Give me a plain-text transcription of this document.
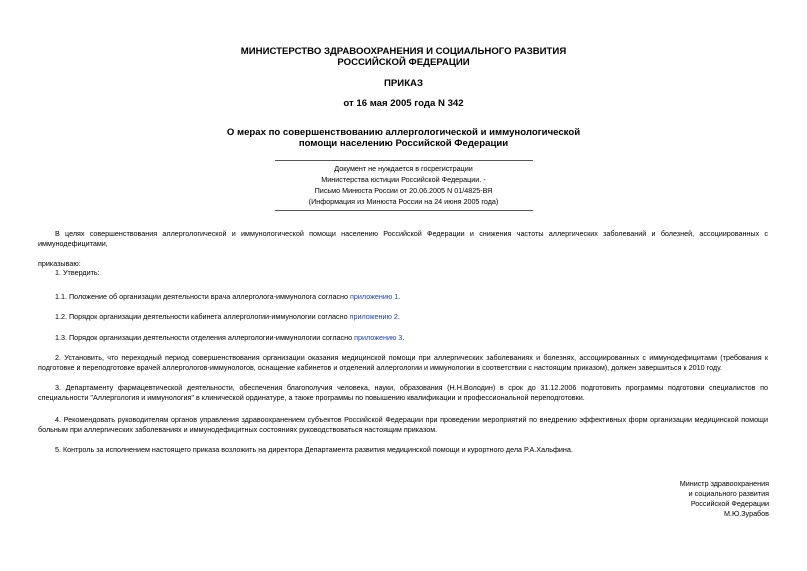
МИНИСТЕРСТВО ЗДРАВООХРАНЕНИЯ И СОЦИАЛЬНОГО РАЗВИТИЯ
РОССИЙСКОЙ ФЕДЕРАЦИИ
ПРИКАЗ
от 16 мая 2005 года N 342
О мерах по совершенствованию аллергологической и иммунологической
помощи населению Российской Федерации
Документ не нуждается в госрегистрации
Министерства юстиции Российской Федерации. -
Письмо Минюста России от 20.06.2005 N 01/4825-ВЯ
(Информация из Минюста России на 24 июня 2005 года)
В целях совершенствования аллергологической и иммунологической помощи населению Российской Федерации и снижения частоты аллергических заболеваний и болезней, ассоциированных с иммунодефицитами,
приказываю:
1. Утвердить:
1.1. Положение об организации деятельности врача аллерголога-иммунолога согласно приложению 1.
1.2. Порядок организации деятельности кабинета аллергологии-иммунологии согласно приложению 2.
1.3. Порядок организации деятельности отделения аллергологии-иммунологии согласно приложению 3.
2. Установить, что переходный период совершенствования организации оказания медицинской помощи при аллергических заболеваниях и болезнях, ассоциированных с иммунодефицитами (требования к подготовке и переподготовке врачей аллергологов-иммунологов, оснащение кабинетов и отделений аллергологии и иммунологии в соответствии с настоящим приказом), должен завершиться к 2010 году.
3. Департаменту фармацевтической деятельности, обеспечения благополучия человека, науки, образования (Н.Н.Володин) в срок до 31.12.2006 подготовить программы подготовки специалистов по специальности "Аллергология и иммунология" в клинической ординатуре, а также программы по повышению квалификации и профессиональной переподготовки.
4. Рекомендовать руководителям органов управления здравоохранением субъектов Российской Федерации при проведении мероприятий по внедрению эффективных форм организации медицинской помощи больным при аллергических заболеваниях и иммунодефицитных состояниях руководствоваться настоящим приказом.
5. Контроль за исполнением настоящего приказа возложить на директора Департамента развития медицинской помощи и курортного дела Р.А.Хальфина.
Министр здравоохранения
и социального развития
Российской Федерации
М.Ю.Зурабов
